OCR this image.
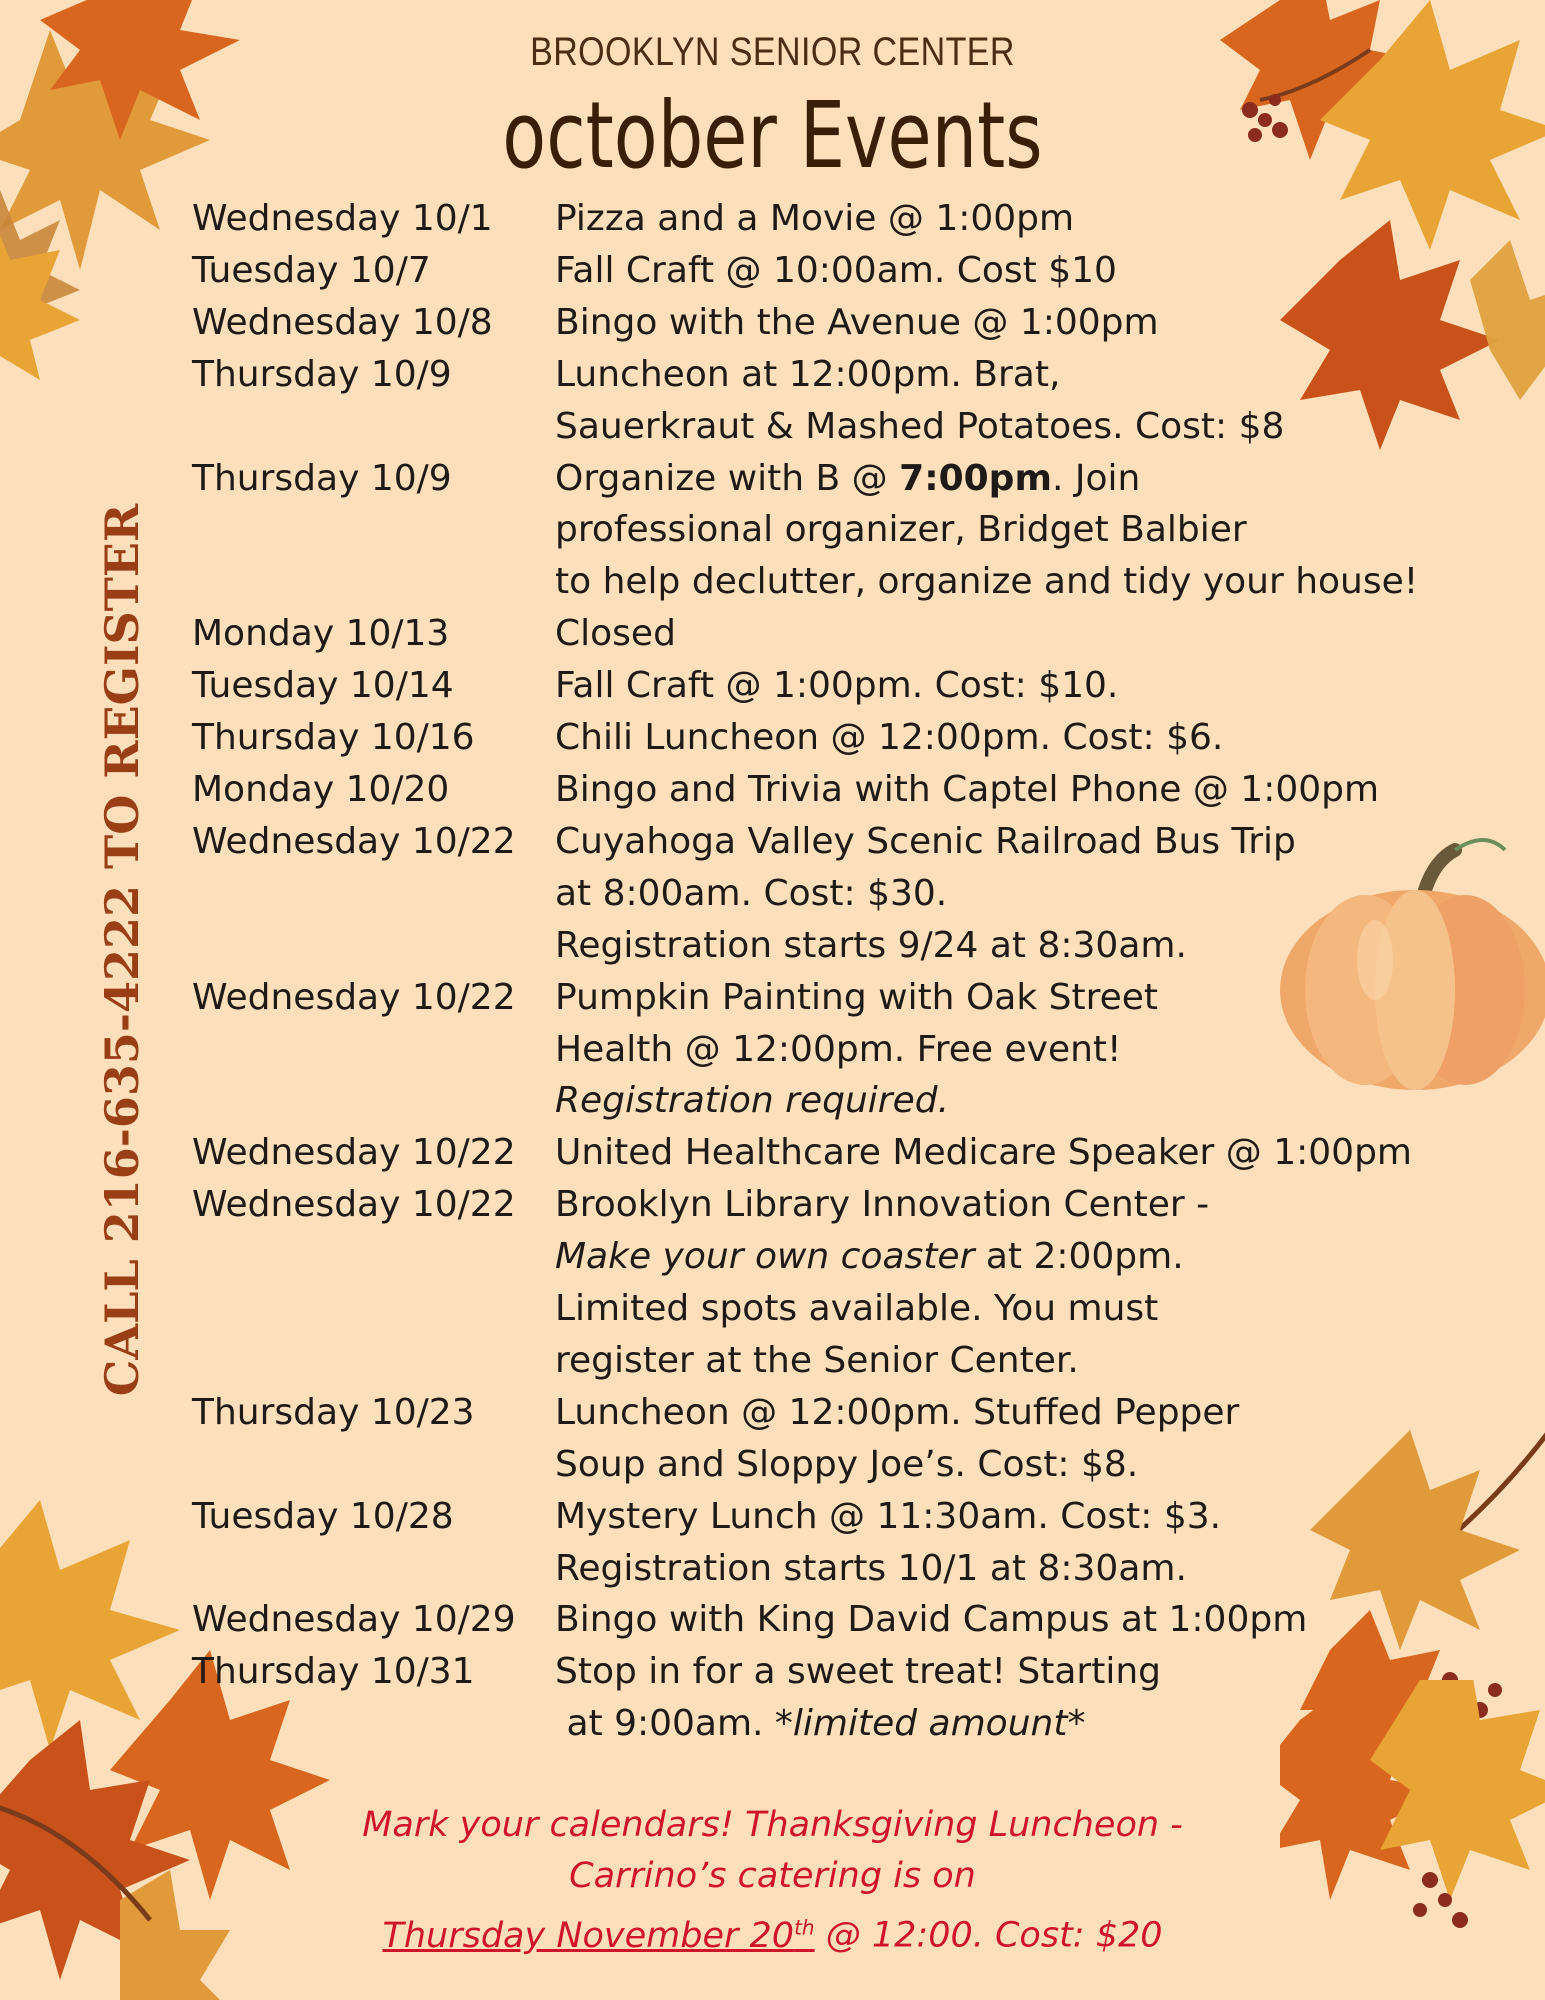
BROOKLYN SENIOR CENTER
october Events
CALL 216-635-4222 TO REGISTER
Wednesday 10/1 Pizza and a Movie @ 1:00pm
Tuesday 10/7	Fall Craft @ 10:00am. Cost $10
Wednesday 10/8 Bingo with the Avenue @ 1:00pm
Thursday 10/9	Luncheon at 12:00pm. Brat,
Sauerkraut & Mashed Potatoes. Cost: $8
Thursday 10/9	Organize with B @ 7:00pm. Join
professional organizer, Bridget Balbier
to help declutter, organize and tidy your house!
Monday 10/13	Closed
Tuesday 10/14	Fall Craft @ 1:00pm. Cost: $10.
Thursday 10/16 Chili Luncheon @ 12:00pm. Cost: $6.
Monday 10/20	Bingo and Trivia with Captel Phone @ 1:00pm
Wednesday 10/22 Cuyahoga Valley Scenic Railroad Bus Trip
at 8:00am. Cost: $30.
Registration starts 9/24 at 8:30am.
Wednesday 10/22 Pumpkin Painting with Oak Street
Health @ 12:00pm. Free event!
Registration required.
Wednesday 10/22 United Healthcare Medicare Speaker @ 1:00pm
Wednesday 10/22 Brooklyn Library Innovation Center -
Make your own coaster at 2:00pm.
Limited spots available. You must
register at the Senior Center.
Thursday 10/23 Luncheon @ 12:00pm. Stuffed Pepper
Soup and Sloppy Joe’s. Cost: $8.
Tuesday 10/28	Mystery Lunch @ 11:30am. Cost: $3.
Registration starts 10/1 at 8:30am.
Wednesday 10/29 Bingo with King David Campus at 1:00pm
Thursday 10/31 Stop in for a sweet treat! Starting
at 9:00am. *limited amount*
Mark your calendars! Thanksgiving Luncheon -
Carrino’s catering is on
Thursday November 20th @ 12:00. Cost: $20
